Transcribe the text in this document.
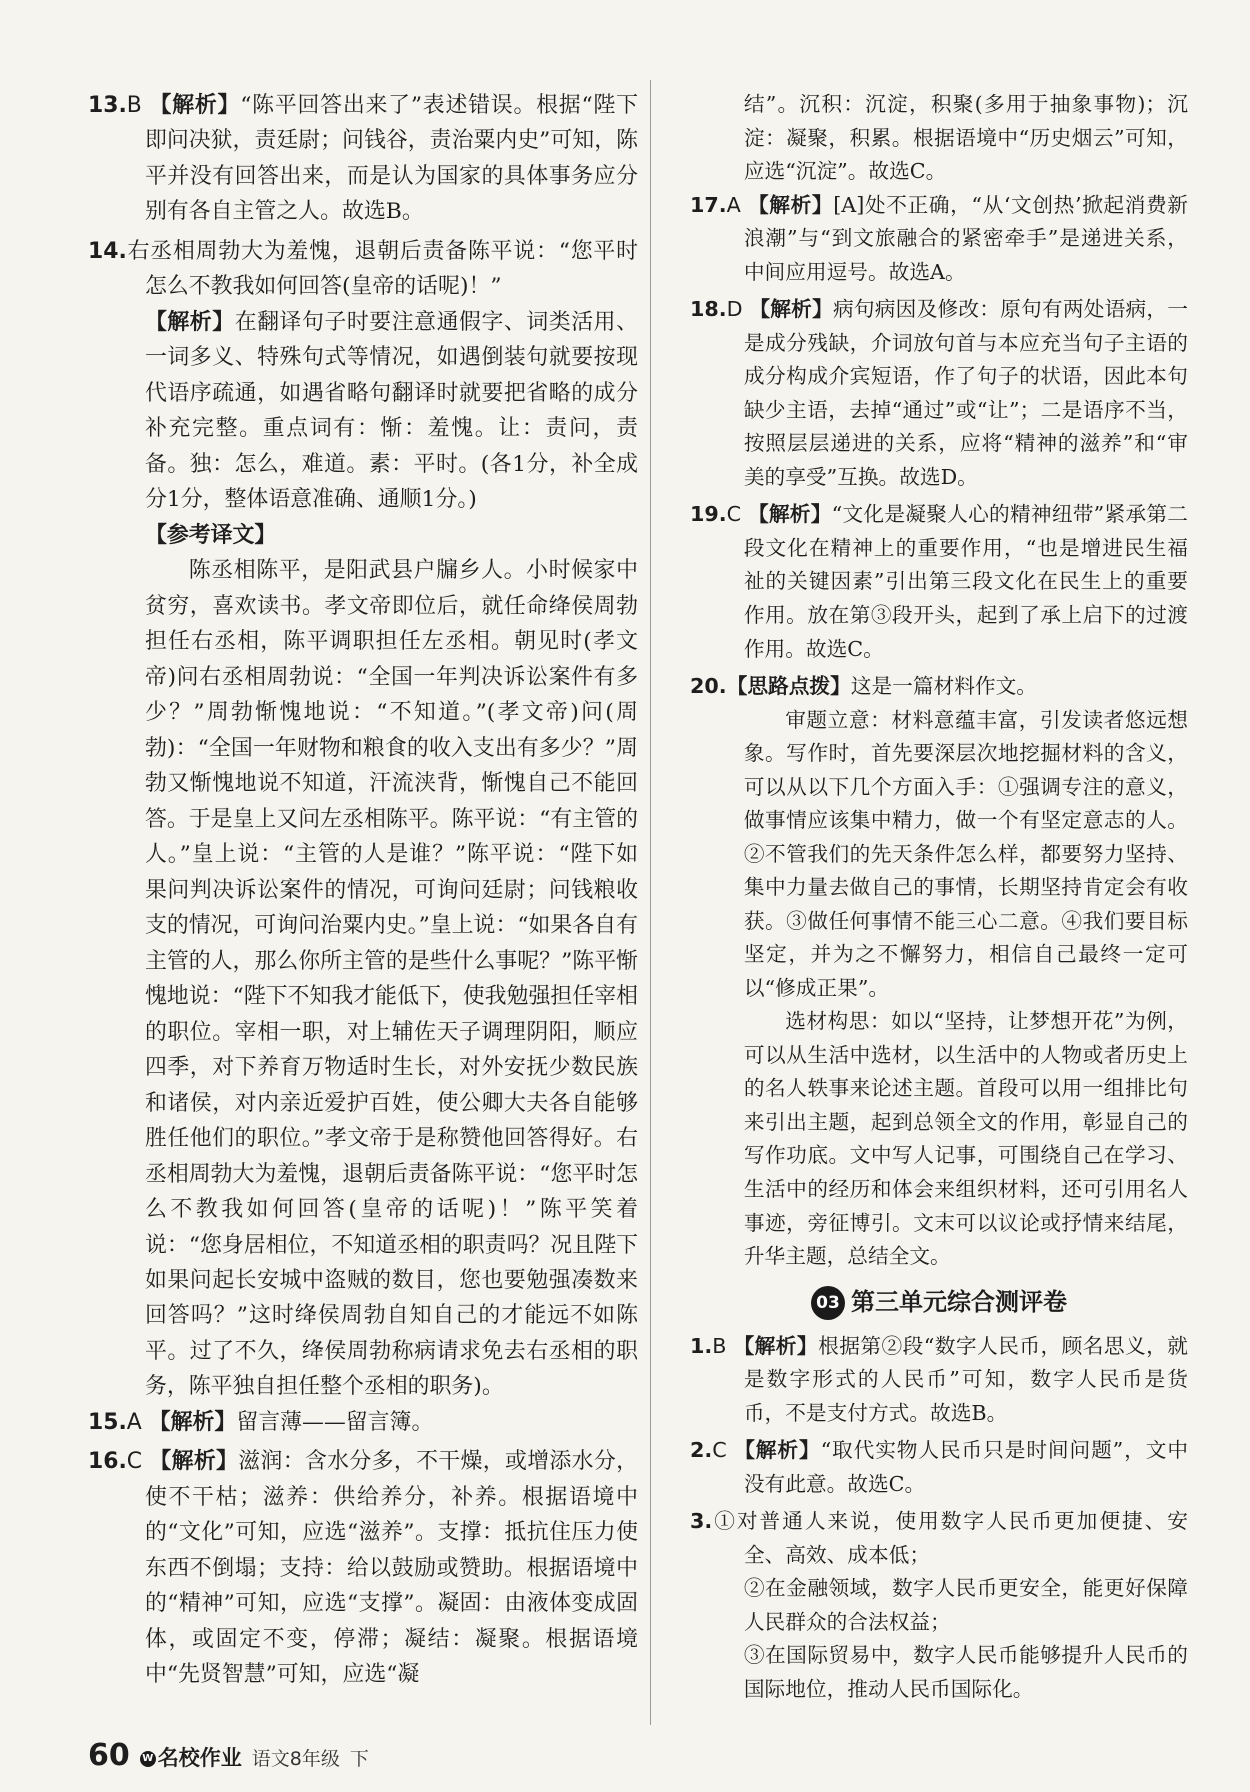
13.B 【解析】“陈平回答出来了”表述错误。根据“陛下即问决狱，责廷尉；问钱谷，责治粟内史”可知，陈平并没有回答出来，而是认为国家的具体事务应分别有各自主管之人。故选B。

14.右丞相周勃大为羞愧，退朝后责备陈平说：“您平时怎么不教我如何回答(皇帝的话呢)！”

【解析】在翻译句子时要注意通假字、词类活用、一词多义、特殊句式等情况，如遇倒装句就要按现代语序疏通，如遇省略句翻译时就要把省略的成分补充完整。重点词有：惭：羞愧。让：责问，责备。独：怎么，难道。素：平时。(各1分，补全成分1分，整体语意准确、通顺1分。)

【参考译文】

陈丞相陈平，是阳武县户牖乡人。小时候家中贫穷，喜欢读书。孝文帝即位后，就任命绛侯周勃担任右丞相，陈平调职担任左丞相。朝见时(孝文帝)问右丞相周勃说：“全国一年判决诉讼案件有多少？”周勃惭愧地说：“不知道。”(孝文帝)问(周勃)：“全国一年财物和粮食的收入支出有多少？”周勃又惭愧地说不知道，汗流浃背，惭愧自己不能回答。于是皇上又问左丞相陈平。陈平说：“有主管的人。”皇上说：“主管的人是谁？”陈平说：“陛下如果问判决诉讼案件的情况，可询问廷尉；问钱粮收支的情况，可询问治粟内史。”皇上说：“如果各自有主管的人，那么你所主管的是些什么事呢？”陈平惭愧地说：“陛下不知我才能低下，使我勉强担任宰相的职位。宰相一职，对上辅佐天子调理阴阳，顺应四季，对下养育万物适时生长，对外安抚少数民族和诸侯，对内亲近爱护百姓，使公卿大夫各自能够胜任他们的职位。”孝文帝于是称赞他回答得好。右丞相周勃大为羞愧，退朝后责备陈平说：“您平时怎么不教我如何回答(皇帝的话呢)！”陈平笑着说：“您身居相位，不知道丞相的职责吗？况且陛下如果问起长安城中盗贼的数目，您也要勉强凑数来回答吗？”这时绛侯周勃自知自己的才能远不如陈平。过了不久，绛侯周勃称病请求免去右丞相的职务，陈平独自担任整个丞相的职务)。

15.A 【解析】留言薄——留言簿。

16.C 【解析】滋润：含水分多，不干燥，或增添水分，使不干枯；滋养：供给养分，补养。根据语境中的“文化”可知，应选“滋养”。支撑：抵抗住压力使东西不倒塌；支持：给以鼓励或赞助。根据语境中的“精神”可知，应选“支撑”。凝固：由液体变成固体，或固定不变，停滞；凝结：凝聚。根据语境中“先贤智慧”可知，应选“凝

结”。沉积：沉淀，积聚(多用于抽象事物)；沉淀：凝聚，积累。根据语境中“历史烟云”可知，应选“沉淀”。故选C。

17.A 【解析】[A]处不正确，“从‘文创热’掀起消费新浪潮”与“到文旅融合的紧密牵手”是递进关系，中间应用逗号。故选A。

18.D 【解析】病句病因及修改：原句有两处语病，一是成分残缺，介词放句首与本应充当句子主语的成分构成介宾短语，作了句子的状语，因此本句缺少主语，去掉“通过”或“让”；二是语序不当，按照层层递进的关系，应将“精神的滋养”和“审美的享受”互换。故选D。

19.C 【解析】“文化是凝聚人心的精神纽带”紧承第二段文化在精神上的重要作用，“也是增进民生福祉的关键因素”引出第三段文化在民生上的重要作用。放在第③段开头，起到了承上启下的过渡作用。故选C。

20.【思路点拨】这是一篇材料作文。

审题立意：材料意蕴丰富，引发读者悠远想象。写作时，首先要深层次地挖掘材料的含义，可以从以下几个方面入手：①强调专注的意义，做事情应该集中精力，做一个有坚定意志的人。②不管我们的先天条件怎么样，都要努力坚持、集中力量去做自己的事情，长期坚持肯定会有收获。③做任何事情不能三心二意。④我们要目标坚定，并为之不懈努力，相信自己最终一定可以“修成正果”。

选材构思：如以“坚持，让梦想开花”为例，可以从生活中选材，以生活中的人物或者历史上的名人轶事来论述主题。首段可以用一组排比句来引出主题，起到总领全文的作用，彰显自己的写作功底。文中写人记事，可围绕自己在学习、生活中的经历和体会来组织材料，还可引用名人事迹，旁征博引。文末可以议论或抒情来结尾，升华主题，总结全文。

03 第三单元综合测评卷

1.B 【解析】根据第②段“数字人民币，顾名思义，就是数字形式的人民币”可知，数字人民币是货币，不是支付方式。故选B。

2.C 【解析】“取代实物人民币只是时间问题”，文中没有此意。故选C。

3.①对普通人来说，使用数字人民币更加便捷、安全、高效、成本低；

②在金融领域，数字人民币更安全，能更好保障人民群众的合法权益；

③在国际贸易中，数字人民币能够提升人民币的国际地位，推动人民币国际化。

60 W 名校作业 语文8年级 下
